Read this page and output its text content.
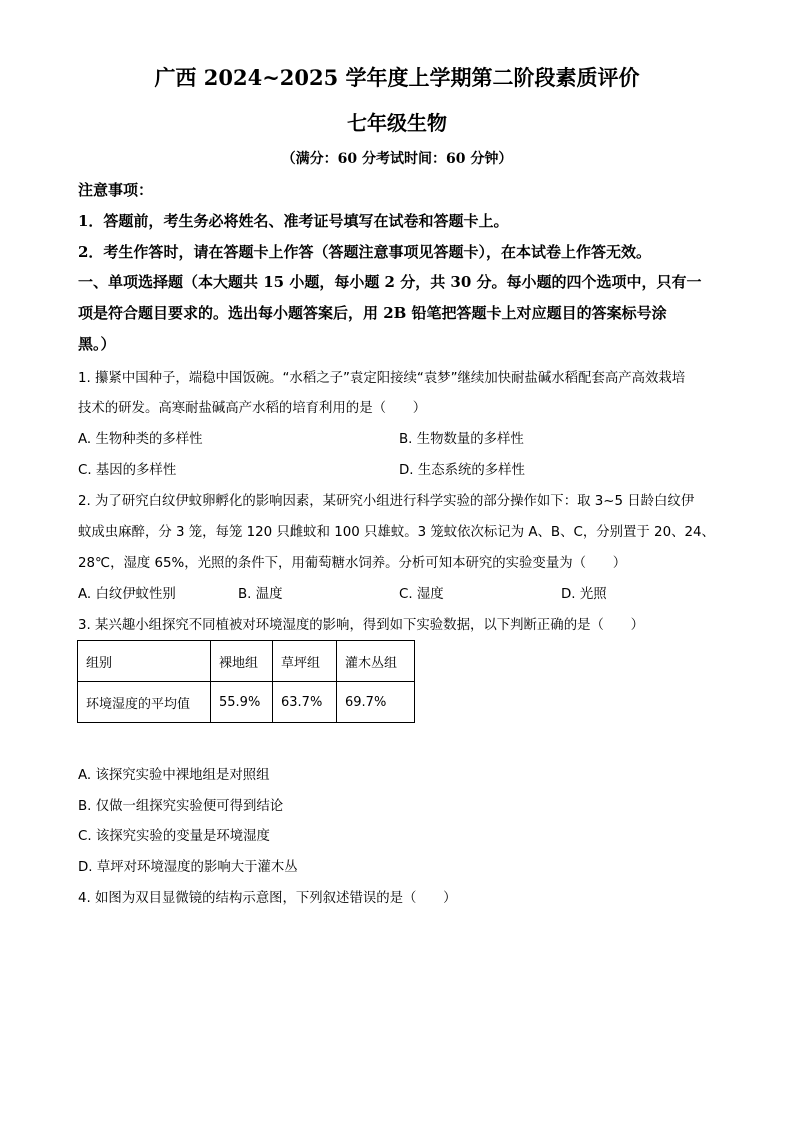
广西 2024~2025 学年度上学期第二阶段素质评价
七年级生物
（满分：60 分考试时间：60 分钟）
注意事项：
1．答题前，考生务必将姓名、准考证号填写在试卷和答题卡上。
2．考生作答时，请在答题卡上作答（答题注意事项见答题卡），在本试卷上作答无效。
一、单项选择题（本大题共 15 小题，每小题 2 分，共 30 分。每小题的四个选项中，只有一
项是符合题目要求的。选出每小题答案后，用 2B 铅笔把答题卡上对应题目的答案标号涂
黑。）
1. 攥紧中国种子，端稳中国饭碗。“水稻之子”袁定阳接续“袁梦”继续加快耐盐碱水稻配套高产高效栽培
技术的研发。高寒耐盐碱高产水稻的培育利用的是（　　）
A. 生物种类的多样性	B. 生物数量的多样性
C. 基因的多样性	D. 生态系统的多样性
2. 为了研究白纹伊蚊卵孵化的影响因素，某研究小组进行科学实验的部分操作如下：取 3~5 日龄白纹伊
蚊成虫麻醉，分 3 笼，每笼 120 只雌蚊和 100 只雄蚊。3 笼蚊依次标记为 A、B、C，分别置于 20、24、
28℃，湿度 65%，光照的条件下，用葡萄糖水饲养。分析可知本研究的实验变量为（　　）
A. 白纹伊蚊性别	B. 温度	C. 湿度	D. 光照
3. 某兴趣小组探究不同植被对环境湿度的影响，得到如下实验数据，以下判断正确的是（　　）
组别	裸地组	草坪组	灌木丛组
环境湿度的平均值	55.9%	63.7%	69.7%
A. 该探究实验中裸地组是对照组
B. 仅做一组探究实验便可得到结论
C. 该探究实验的变量是环境湿度
D. 草坪对环境湿度的影响大于灌木丛
4. 如图为双目显微镜的结构示意图，下列叙述错误的是（　　）
